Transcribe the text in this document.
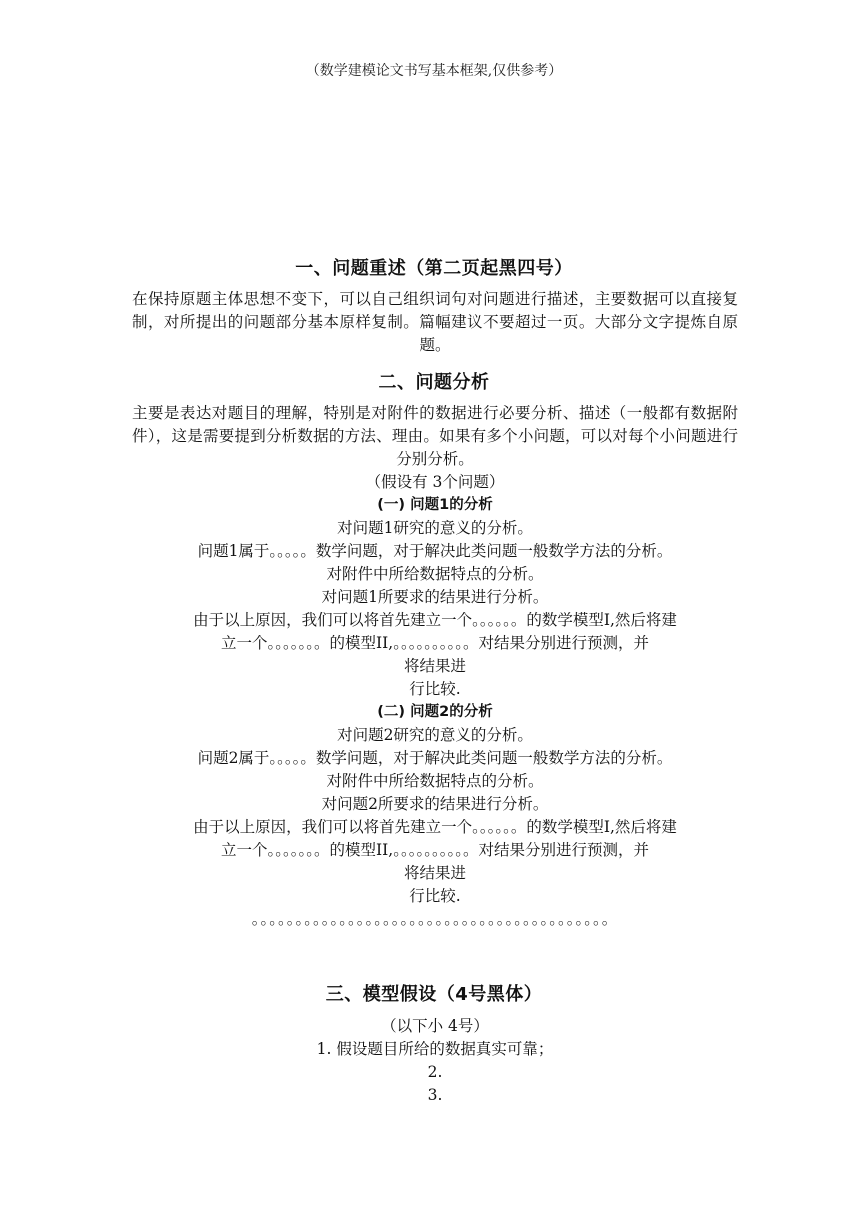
（数学建模论文书写基本框架,仅供参考）
一、问题重述（第二页起黑四号）

在保持原题主体思想不变下，可以自己组织词句对问题进行描述，主要数据可以直接复制，对所提出的问题部分基本原样复制。篇幅建议不要超过一页。大部分文字提炼自原题。

二、问题分析

主要是表达对题目的理解，特别是对附件的数据进行必要分析、描述（一般都有数据附件），这是需要提到分析数据的方法、理由。如果有多个小问题，可以对每个小问题进行分别分析。

（假设有 3个问题）
(一) 问题1的分析
对问题1研究的意义的分析。
问题1属于。。。。。数学问题，对于解决此类问题一般数学方法的分析。
对附件中所给数据特点的分析。
对问题1所要求的结果进行分析。
由于以上原因，我们可以将首先建立一个。。。。。。的数学模型I,然后将建
立一个。。。。。。。的模型II,。。。。。。。。。。对结果分别进行预测，并
将结果进
行比较.
(二) 问题2的分析
对问题2研究的意义的分析。
问题2属于。。。。。数学问题，对于解决此类问题一般数学方法的分析。
对附件中所给数据特点的分析。
对问题2所要求的结果进行分析。
由于以上原因，我们可以将首先建立一个。。。。。。的数学模型I,然后将建
立一个。。。。。。。的模型II,。。。。。。。。。。对结果分别进行预测，并
将结果进
行比较.
。。。。。。。。。。。。。。。。。。。。。。。。。。。。。。。。。。。。。。。。。
三、模型假设（4号黑体）
（以下小 4号）
1. 假设题目所给的数据真实可靠；
2.
3.
